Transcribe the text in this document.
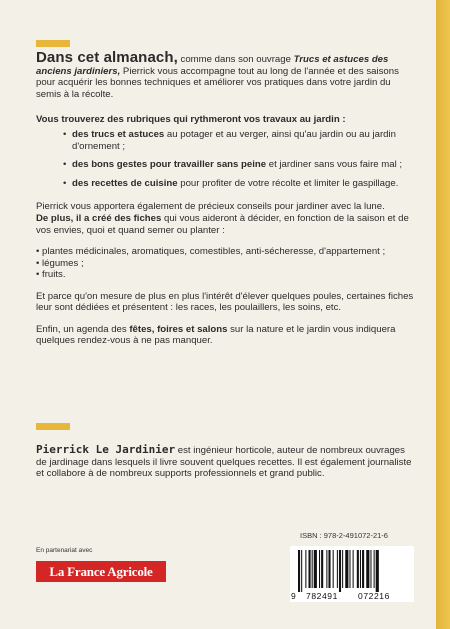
Dans cet almanach, comme dans son ouvrage Trucs et astuces des anciens jardiniers, Pierrick vous accompagne tout au long de l'année et des saisons pour acquérir les bonnes techniques et améliorer vos pratiques dans votre jardin du semis à la récolte.

Vous trouverez des rubriques qui rythmeront vos travaux au jardin :

• des trucs et astuces au potager et au verger, ainsi qu'au jardin ou au jardin d'ornement ;
• des bons gestes pour travailler sans peine et jardiner sans vous faire mal ;
• des recettes de cuisine pour profiter de votre récolte et limiter le gaspillage.

Pierrick vous apportera également de précieux conseils pour jardiner avec la lune.

De plus, il a créé des fiches qui vous aideront à décider, en fonction de la saison et de vos envies, quoi et quand semer ou planter :

• plantes médicinales, aromatiques, comestibles, anti-sécheresse, d'appartement ;
• légumes ;
• fruits.

Et parce qu'on mesure de plus en plus l'intérêt d'élever quelques poules, certaines fiches leur sont dédiées et présentent : les races, les poulaillers, les soins, etc.

Enfin, un agenda des fêtes, foires et salons sur la nature et le jardin vous indiquera quelques rendez-vous à ne pas manquer.

Pierrick Le Jardinier est ingénieur horticole, auteur de nombreux ouvrages de jardinage dans lesquels il livre souvent quelques recettes. Il est également journaliste et collabore à de nombreux supports professionnels et grand public.

En partenariat avec
La France Agricole
ISBN : 978-2-491072-21-6
9 782491 072216
